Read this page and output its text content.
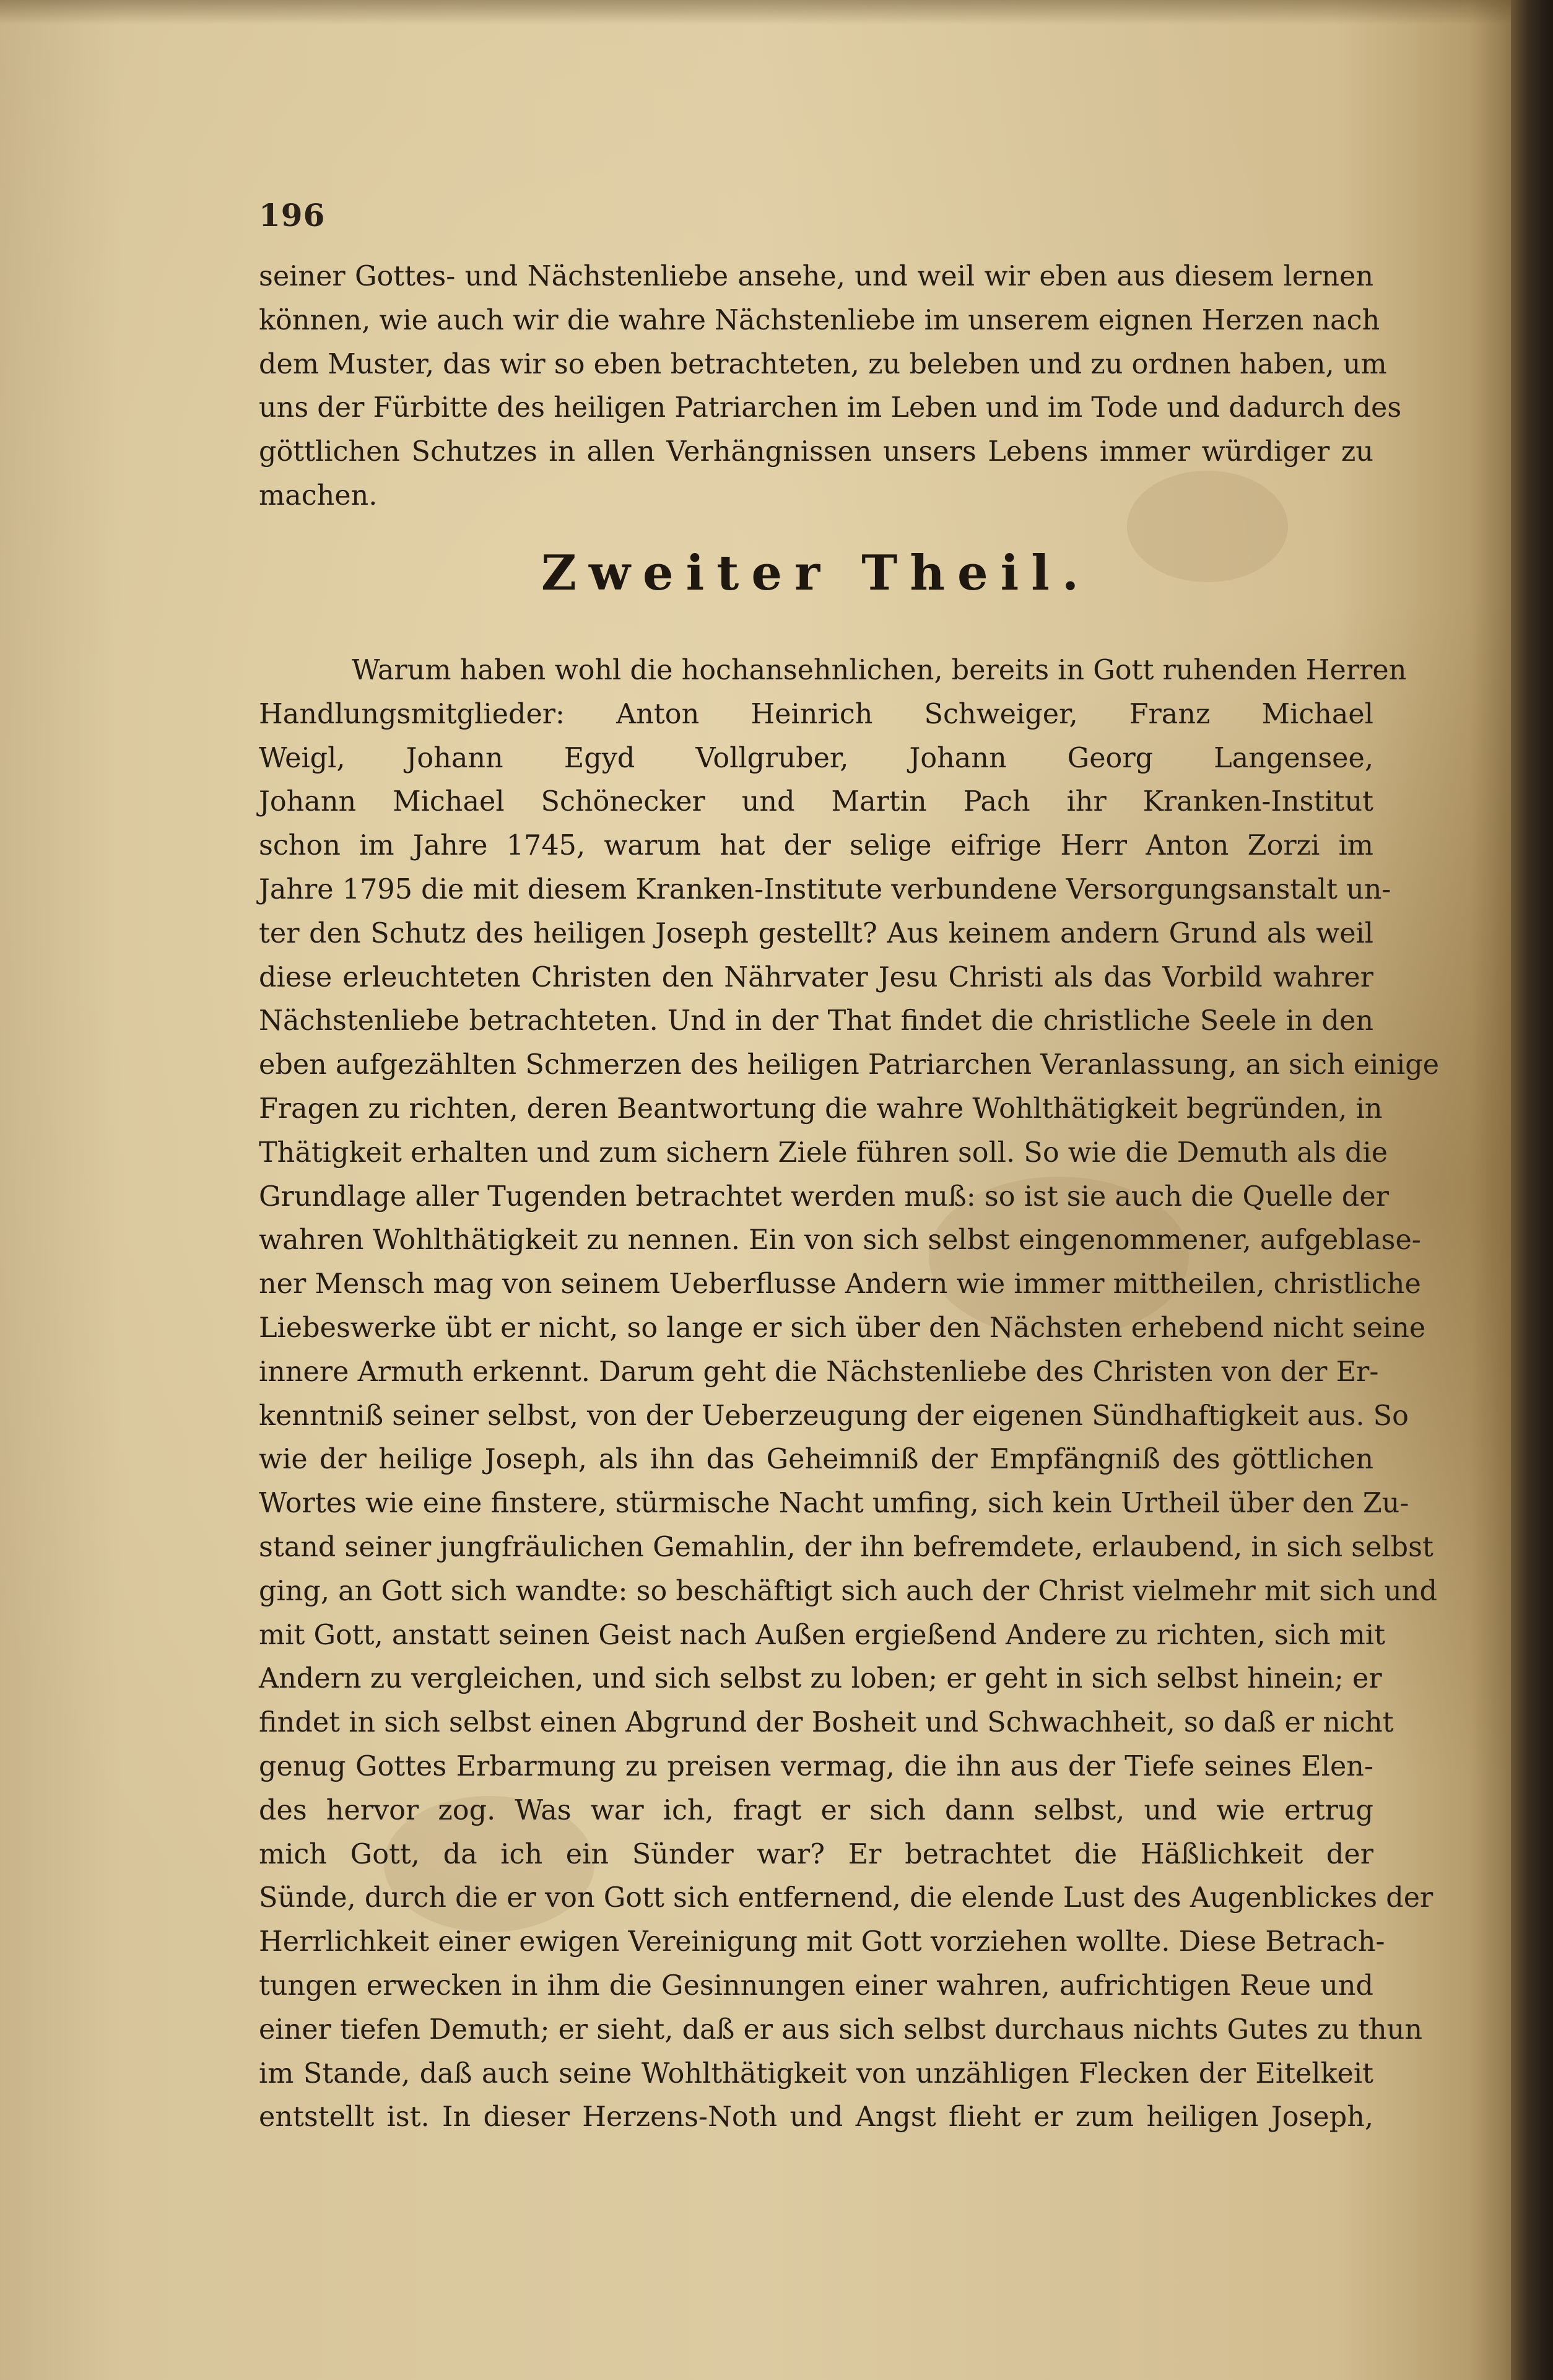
196
seiner Gottes- und Nächstenliebe ansehe, und weil wir eben aus diesem lernen
können, wie auch wir die wahre Nächstenliebe im unserem eignen Herzen nach
dem Muster, das wir so eben betrachteten, zu beleben und zu ordnen haben, um
uns der Fürbitte des heiligen Patriarchen im Leben und im Tode und dadurch des
göttlichen Schutzes in allen Verhängnissen unsers Lebens immer würdiger zu
machen.
Zweiter Theil.
Warum haben wohl die hochansehnlichen, bereits in Gott ruhenden Herren
Handlungsmitglieder: Anton Heinrich Schweiger, Franz Michael
Weigl, Johann Egyd Vollgruber, Johann Georg Langensee,
Johann Michael Schönecker und Martin Pach ihr Kranken-Institut
schon im Jahre 1745, warum hat der selige eifrige Herr Anton Zorzi im
Jahre 1795 die mit diesem Kranken-Institute verbundene Versorgungsanstalt un-
ter den Schutz des heiligen Joseph gestellt? Aus keinem andern Grund als weil
diese erleuchteten Christen den Nährvater Jesu Christi als das Vorbild wahrer
Nächstenliebe betrachteten. Und in der That findet die christliche Seele in den
eben aufgezählten Schmerzen des heiligen Patriarchen Veranlassung, an sich einige
Fragen zu richten, deren Beantwortung die wahre Wohlthätigkeit begründen, in
Thätigkeit erhalten und zum sichern Ziele führen soll. So wie die Demuth als die
Grundlage aller Tugenden betrachtet werden muß: so ist sie auch die Quelle der
wahren Wohlthätigkeit zu nennen. Ein von sich selbst eingenommener, aufgeblase-
ner Mensch mag von seinem Ueberflusse Andern wie immer mittheilen, christliche
Liebeswerke übt er nicht, so lange er sich über den Nächsten erhebend nicht seine
innere Armuth erkennt. Darum geht die Nächstenliebe des Christen von der Er-
kenntniß seiner selbst, von der Ueberzeugung der eigenen Sündhaftigkeit aus. So
wie der heilige Joseph, als ihn das Geheimniß der Empfängniß des göttlichen
Wortes wie eine finstere, stürmische Nacht umfing, sich kein Urtheil über den Zu-
stand seiner jungfräulichen Gemahlin, der ihn befremdete, erlaubend, in sich selbst
ging, an Gott sich wandte: so beschäftigt sich auch der Christ vielmehr mit sich und
mit Gott, anstatt seinen Geist nach Außen ergießend Andere zu richten, sich mit
Andern zu vergleichen, und sich selbst zu loben; er geht in sich selbst hinein; er
findet in sich selbst einen Abgrund der Bosheit und Schwachheit, so daß er nicht
genug Gottes Erbarmung zu preisen vermag, die ihn aus der Tiefe seines Elen-
des hervor zog. Was war ich, fragt er sich dann selbst, und wie ertrug
mich Gott, da ich ein Sünder war? Er betrachtet die Häßlichkeit der
Sünde, durch die er von Gott sich entfernend, die elende Lust des Augenblickes der
Herrlichkeit einer ewigen Vereinigung mit Gott vorziehen wollte. Diese Betrach-
tungen erwecken in ihm die Gesinnungen einer wahren, aufrichtigen Reue und
einer tiefen Demuth; er sieht, daß er aus sich selbst durchaus nichts Gutes zu thun
im Stande, daß auch seine Wohlthätigkeit von unzähligen Flecken der Eitelkeit
entstellt ist. In dieser Herzens-Noth und Angst flieht er zum heiligen Joseph,
